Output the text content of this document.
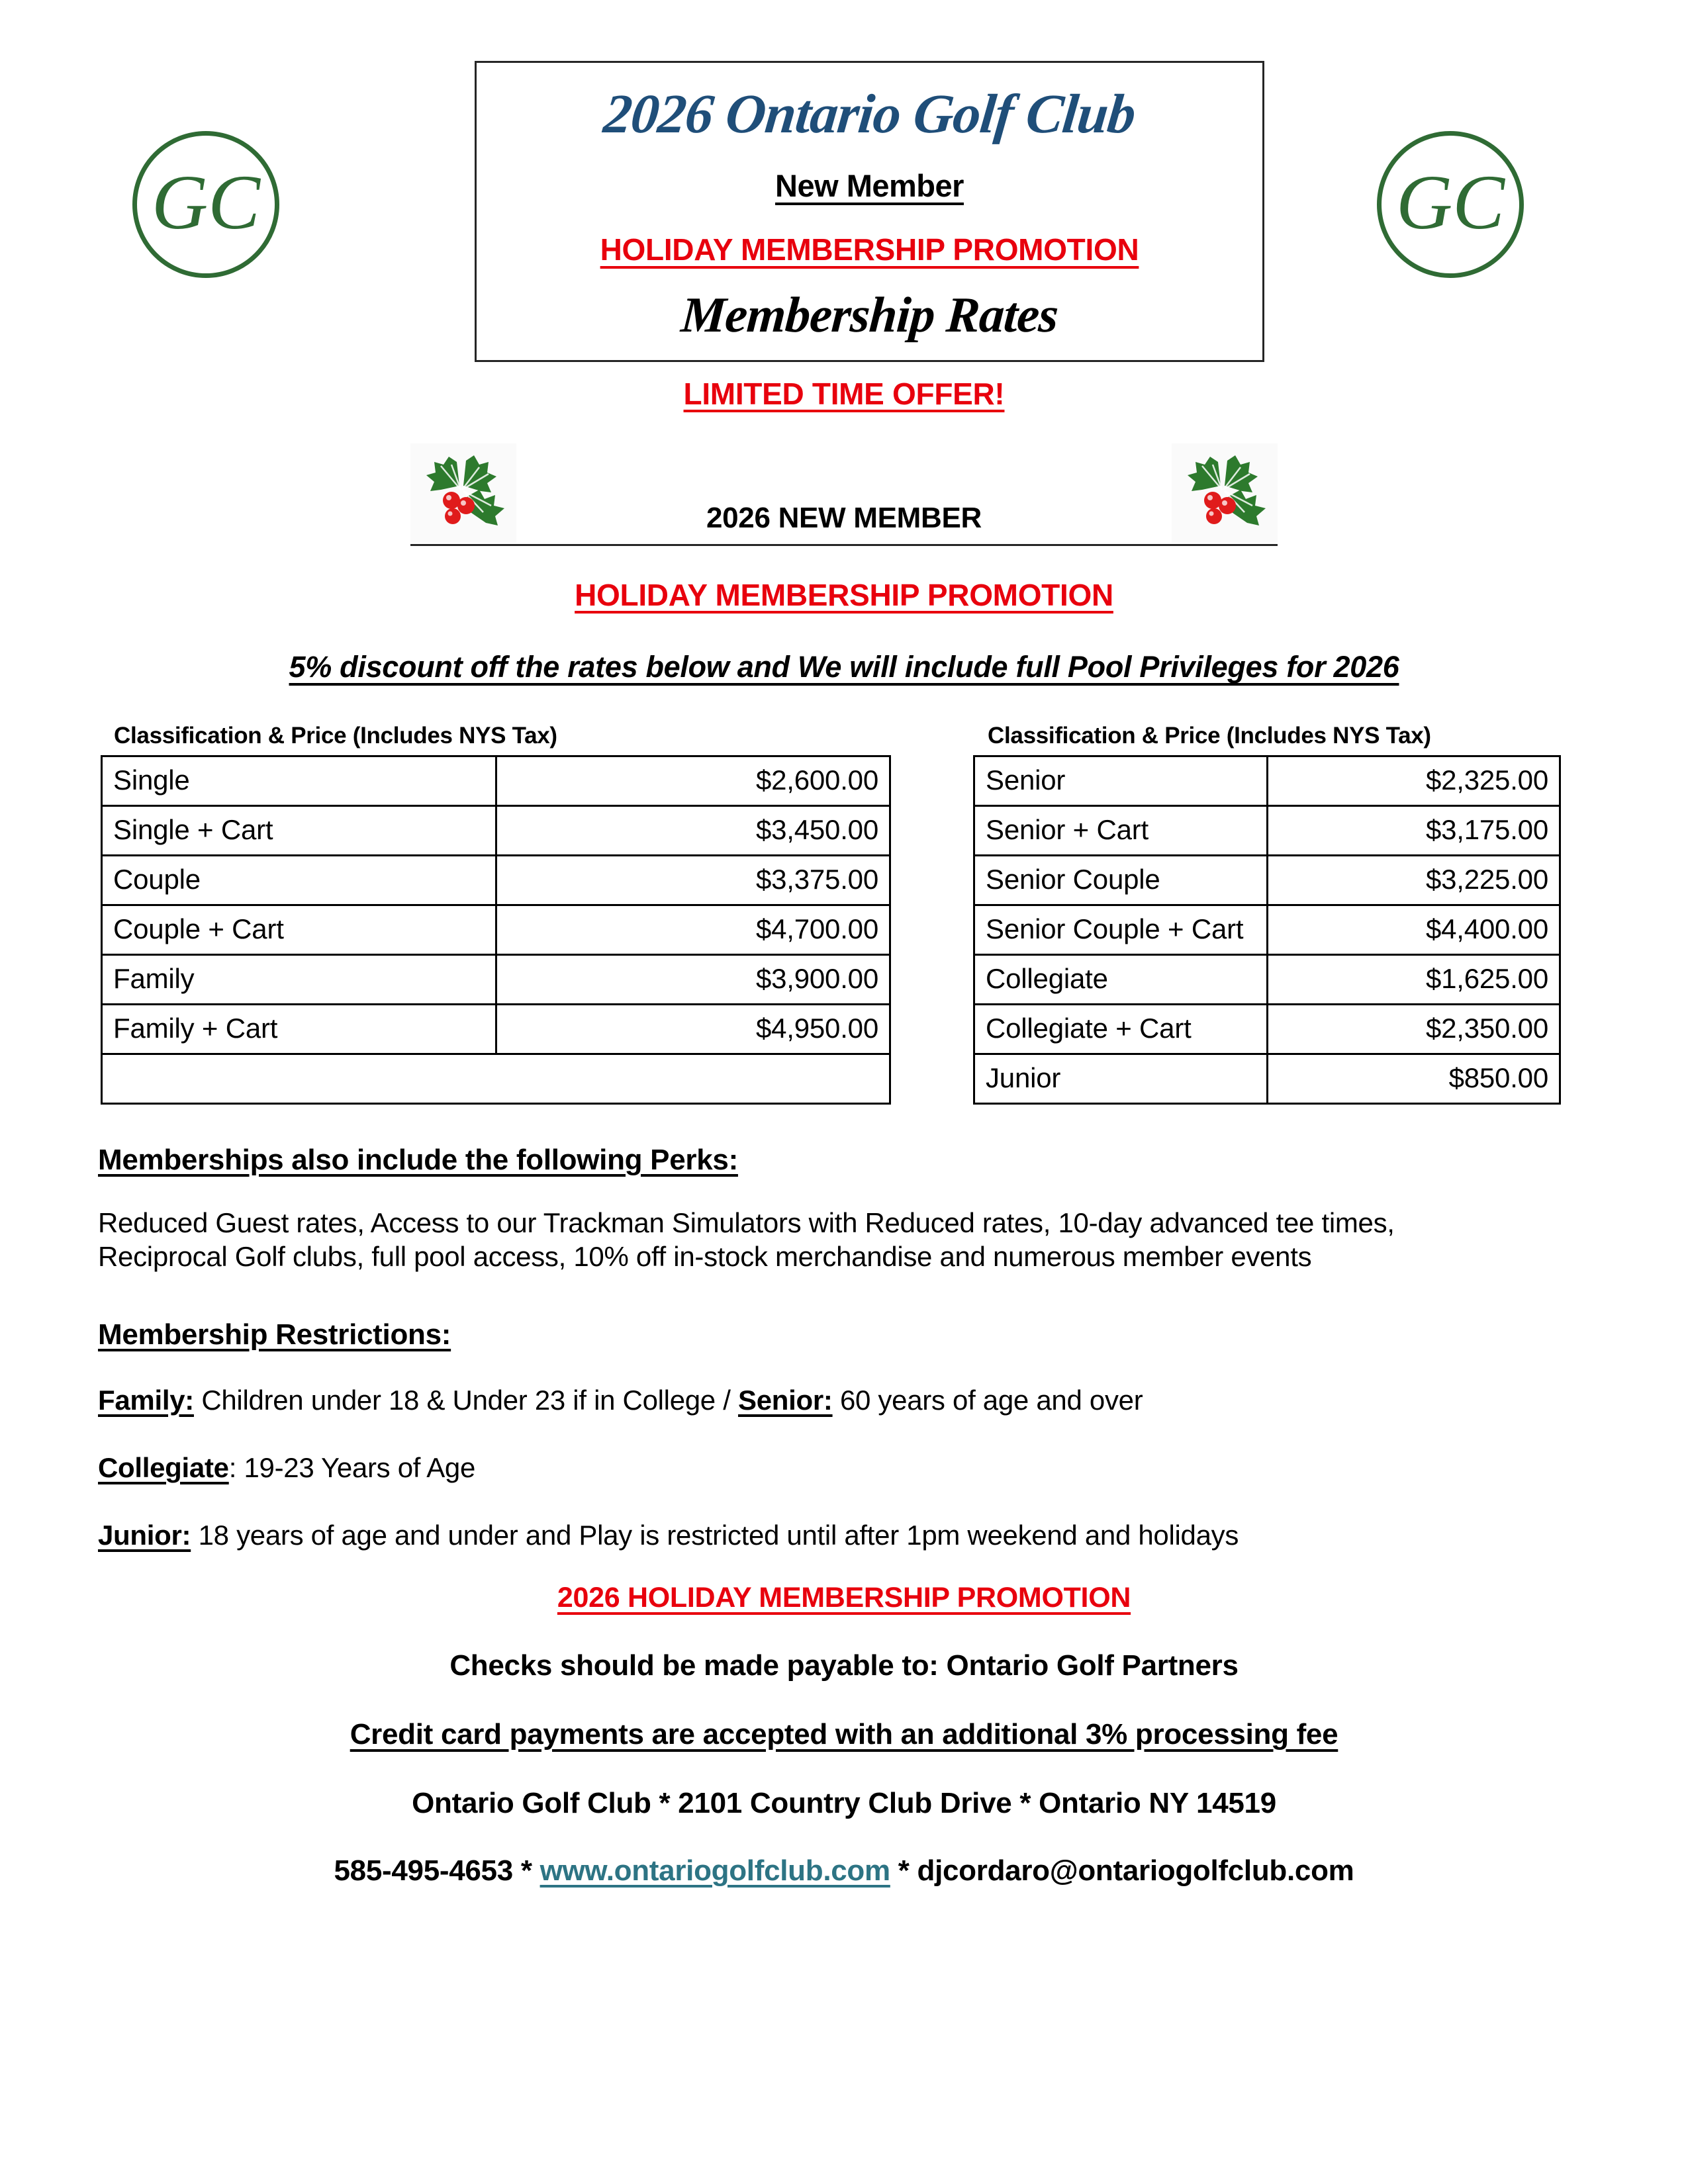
GC	GC
2026 Ontario Golf Club
New Member
HOLIDAY MEMBERSHIP PROMOTION
Membership Rates
LIMITED TIME OFFER!
2026 NEW MEMBER
HOLIDAY MEMBERSHIP PROMOTION
5% discount off the rates below and We will include full Pool Privileges for 2026
Classification & Price (Includes NYS Tax)
Single	$2,600.00
Single + Cart	$3,450.00
Couple	$3,375.00
Couple + Cart	$4,700.00
Family	$3,900.00
Family + Cart	$4,950.00

Classification & Price (Includes NYS Tax)
Senior	$2,325.00
Senior + Cart	$3,175.00
Senior Couple	$3,225.00
Senior Couple + Cart	$4,400.00
Collegiate	$1,625.00
Collegiate + Cart	$2,350.00
Junior	$850.00
Memberships also include the following Perks:
Reduced Guest rates, Access to our Trackman Simulators with Reduced rates, 10-day advanced tee times,
Reciprocal Golf clubs, full pool access, 10% off in-stock merchandise and numerous member events
Membership Restrictions:
Family: Children under 18 & Under 23 if in College / Senior: 60 years of age and over
Collegiate: 19-23 Years of Age
Junior: 18 years of age and under and Play is restricted until after 1pm weekend and holidays
2026 HOLIDAY MEMBERSHIP PROMOTION
Checks should be made payable to: Ontario Golf Partners
Credit card payments are accepted with an additional 3% processing fee
Ontario Golf Club * 2101 Country Club Drive * Ontario NY 14519
585-495-4653 * www.ontariogolfclub.com * djcordaro@ontariogolfclub.com
